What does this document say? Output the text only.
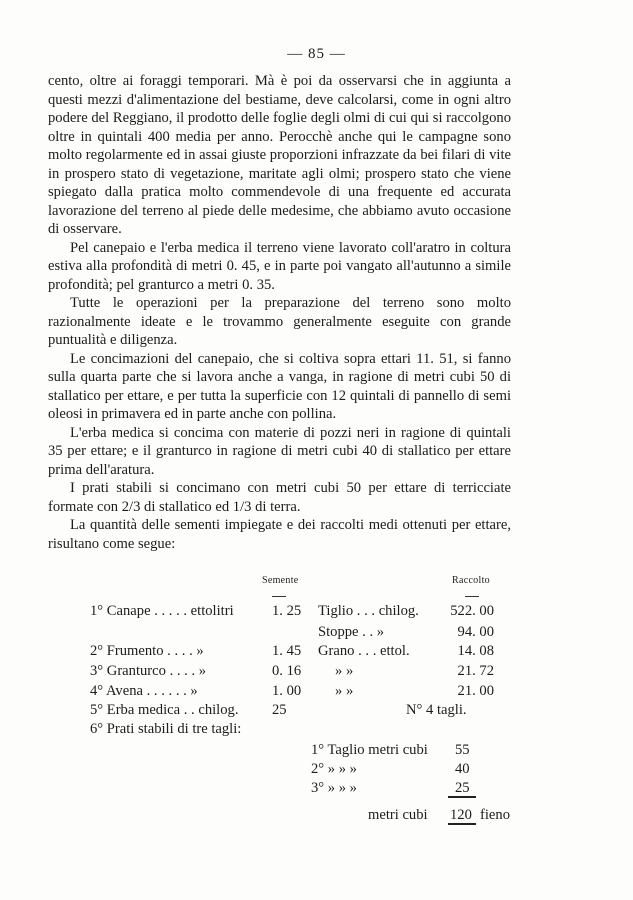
— 85 —

cento, oltre ai foraggi temporari. Mà è poi da osservarsi che in aggiunta a questi mezzi d'alimentazione del bestiame, deve calcolarsi, come in ogni altro podere del Reggiano, il prodotto delle foglie degli olmi di cui qui si raccolgono oltre in quintali 400 media per anno. Perocchè anche qui le campagne sono molto regolarmente ed in assai giuste proporzioni infrazzate da bei filari di vite in prospero stato di vegetazione, maritate agli olmi; prospero stato che viene spiegato dalla pratica molto commendevole di una frequente ed accurata lavorazione del terreno al piede delle medesime, che abbiamo avuto occasione di osservare.

Pel canepaio e l'erba medica il terreno viene lavorato coll'aratro in coltura estiva alla profondità di metri 0. 45, e in parte poi vangato all'autunno a simile profondità; pel granturco a metri 0. 35.

Tutte le operazioni per la preparazione del terreno sono molto razionalmente ideate e le trovammo generalmente eseguite con grande puntualità e diligenza.

Le concimazioni del canepaio, che si coltiva sopra ettari 11. 51, si fanno sulla quarta parte che si lavora anche a vanga, in ragione di metri cubi 50 di stallatico per ettare, e per tutta la superficie con 12 quintali di pannello di semi oleosi in primavera ed in parte anche con pollina.

L'erba medica si concima con materie di pozzi neri in ragione di quintali 35 per ettare; e il granturco in ragione di metri cubi 40 di stallatico per ettare prima dell'aratura.

I prati stabili si concimano con metri cubi 50 per ettare di terricciate formate con 2/3 di stallatico ed 1/3 di terra.

La quantità delle sementi impiegate e dei raccolti medi ottenuti per ettare, risultano come segue:

Semente	Raccolto
1° Canape . . . . . ettolitri	1. 25 Tiglio . . . chilog. 522. 00
Stoppe . . »	94. 00
2° Frumento . . . . »	1. 45 Grano . . . ettol.	14. 08
3° Granturco . . . . »	0. 16 » »	21. 72
4° Avena . . . . . . »	1. 00 » »	21. 00
5° Erba medica . . chilog. 25	N° 4 tagli.
6° Prati stabili di tre tagli:
1° Taglio metri cubi 55
2° » » »	40
3° » » »	25
metri cubi 120 fieno
